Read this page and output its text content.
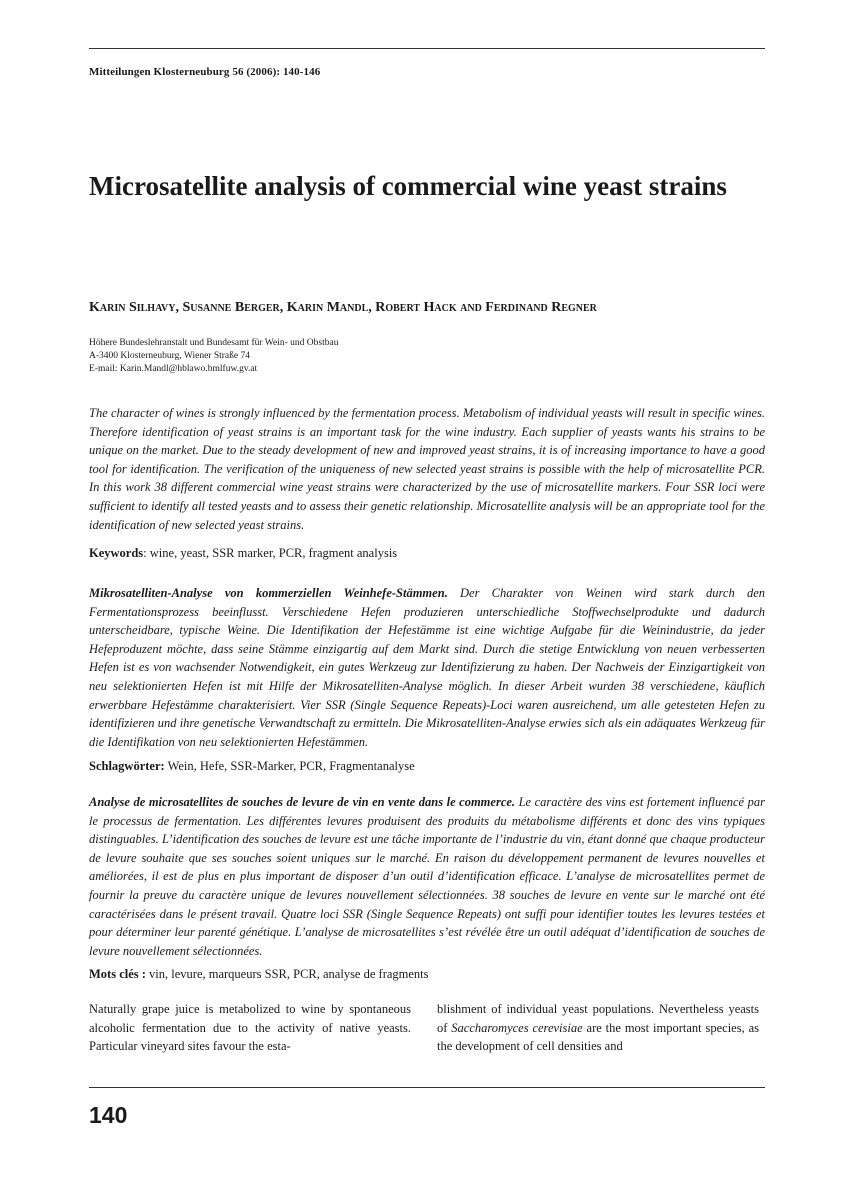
Mitteilungen Klosterneuburg 56 (2006): 140-146
Microsatellite analysis of commercial wine yeast strains
Karin Silhavy, Susanne Berger, Karin Mandl, Robert Hack and Ferdinand Regner
Höhere Bundeslehranstalt und Bundesamt für Wein- und Obstbau
A-3400 Klosterneuburg, Wiener Straße 74
E-mail: Karin.Mandl@hblawo.bmlfuw.gv.at

The character of wines is strongly influenced by the fermentation process. Metabolism of individual yeasts will result in specific wines. Therefore identification of yeast strains is an important task for the wine industry. Each supplier of yeasts wants his strains to be unique on the market. Due to the steady development of new and improved yeast strains, it is of increasing importance to have a good tool for identification. The verification of the uniqueness of new selected yeast strains is possible with the help of microsatellite PCR. In this work 38 different commercial wine yeast strains were characterized by the use of microsatellite markers. Four SSR loci were sufficient to identify all tested yeasts and to assess their genetic relationship. Microsatellite analysis will be an appropriate tool for the identification of new selected yeast strains.

Keywords: wine, yeast, SSR marker, PCR, fragment analysis

Mikrosatelliten-Analyse von kommerziellen Weinhefe-Stämmen. Der Charakter von Weinen wird stark durch den Fermentationsprozess beeinflusst. Verschiedene Hefen produzieren unterschiedliche Stoffwechselprodukte und dadurch unterscheidbare, typische Weine. Die Identifikation der Hefestämme ist eine wichtige Aufgabe für die Weinindustrie, da jeder Hefeproduzent möchte, dass seine Stämme einzigartig auf dem Markt sind. Durch die stetige Entwicklung von neuen verbesserten Hefen ist es von wachsender Notwendigkeit, ein gutes Werkzeug zur Identifizierung zu haben. Der Nachweis der Einzigartigkeit von neu selektionierten Hefen ist mit Hilfe der Mikrosatelliten-Analyse möglich. In dieser Arbeit wurden 38 verschiedene, käuflich erwerbbare Hefestämme charakterisiert. Vier SSR (Single Sequence Repeats)-Loci waren ausreichend, um alle getesteten Hefen zu identifizieren und ihre genetische Verwandtschaft zu ermitteln. Die Mikrosatelliten-Analyse erwies sich als ein adäquates Werkzeug für die Identifikation von neu selektionierten Hefestämmen.

Schlagwörter: Wein, Hefe, SSR-Marker, PCR, Fragmentanalyse

Analyse de microsatellites de souches de levure de vin en vente dans le commerce. Le caractère des vins est fortement influencé par le processus de fermentation. Les différentes levures produisent des produits du métabolisme différents et donc des vins typiques distinguables. L’identification des souches de levure est une tâche importante de l’industrie du vin, étant donné que chaque producteur de levure souhaite que ses souches soient uniques sur le marché. En raison du développement permanent de levures nouvelles et améliorées, il est de plus en plus important de disposer d’un outil d’identification efficace. L’analyse de microsatellites permet de fournir la preuve du caractère unique de levures nouvellement sélectionnées. 38 souches de levure en vente sur le marché ont été caractérisées dans le présent travail. Quatre loci SSR (Single Sequence Repeats) ont suffi pour identifier toutes les levures testées et pour déterminer leur parenté génétique. L’analyse de microsatellites s’est révélée être un outil adéquat d’identification de souches de levure nouvellement sélectionnées.

Mots clés : vin, levure, marqueurs SSR, PCR, analyse de fragments

Naturally grape juice is metabolized to wine by spontaneous alcoholic fermentation due to the activity of native yeasts. Particular vineyard sites favour the esta-

blishment of individual yeast populations. Nevertheless yeasts of Saccharomyces cerevisiae are the most important species, as the development of cell densities and

140
